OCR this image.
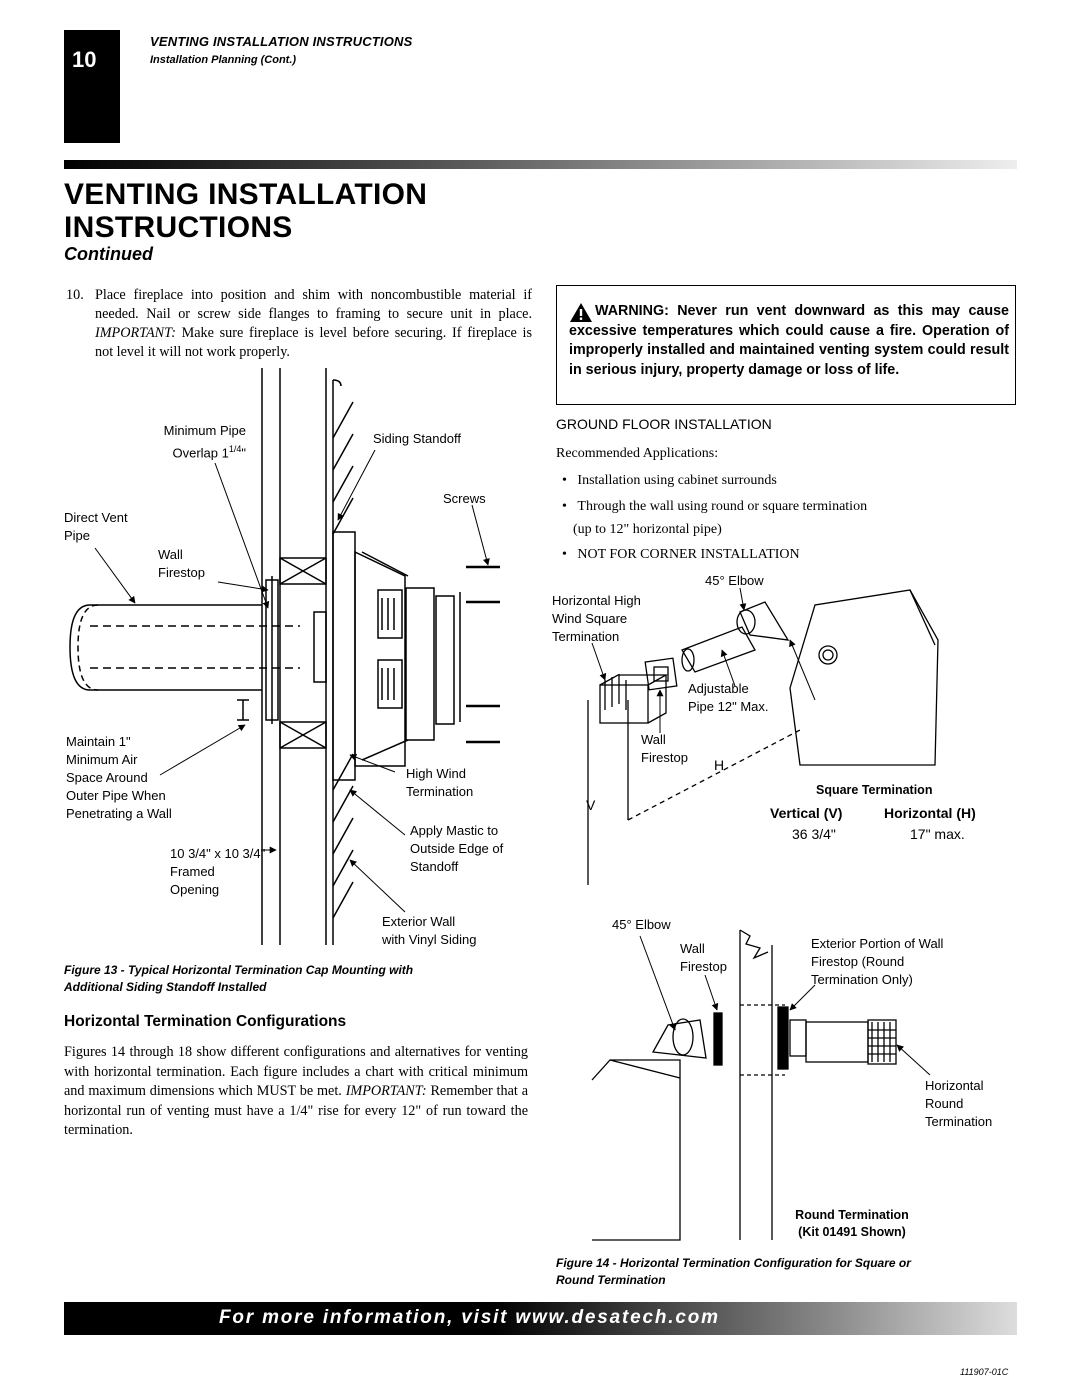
10
VENTING INSTALLATION INSTRUCTIONS
Installation Planning (Cont.)
VENTING INSTALLATION
INSTRUCTIONS
Continued
10. Place fireplace into position and shim with noncombustible material if needed. Nail or screw side flanges to framing to secure unit in place. IMPORTANT: Make sure fireplace is level before securing. If fireplace is not level it will not work properly.
Minimum Pipe
Overlap $1^{1/4}$"
Siding Standoff
Screws
Direct Vent
Pipe
Wall
Firestop
Maintain 1"
Minimum Air
Space Around
Outer Pipe When
Penetrating a Wall
High Wind
Termination
Apply Mastic to
Outside Edge of
Standoff
10 3/4" x 10 3/4"
Framed
Opening
Exterior Wall
with Vinyl Siding
Figure 13 - Typical Horizontal Termination Cap Mounting with
Additional Siding Standoff Installed
Horizontal Termination Configurations
Figures 14 through 18 show different configurations and alternatives for venting with horizontal termination. Each figure includes a chart with critical minimum and maximum dimensions which MUST be met. IMPORTANT: Remember that a horizontal run of venting must have a 1/4" rise for every 12" of run toward the termination.
WARNING: Never run vent downward as this may cause excessive temperatures which could cause a fire. Operation of improperly installed and maintained venting system could result in serious injury, property damage or loss of life.
GROUND FLOOR INSTALLATION
Recommended Applications:
•   Installation using cabinet surrounds
•   Through the wall using round or square termination
(up to 12" horizontal pipe)
•   NOT FOR CORNER INSTALLATION
45° Elbow
Horizontal High
Wind Square
Termination
Adjustable
Pipe 12" Max.
Wall
Firestop H
V
Square Termination
Vertical (V)	Horizontal (H)
36 3/4"	17" max.
45° Elbow
Wall
Firestop
Exterior Portion of Wall
Firestop (Round
Termination Only)
Horizontal
Round
Termination
Round Termination
(Kit 01491 Shown)
Figure 14 - Horizontal Termination Configuration for Square or
Round Termination
For more information, visit www.desatech.com
111907-01C
